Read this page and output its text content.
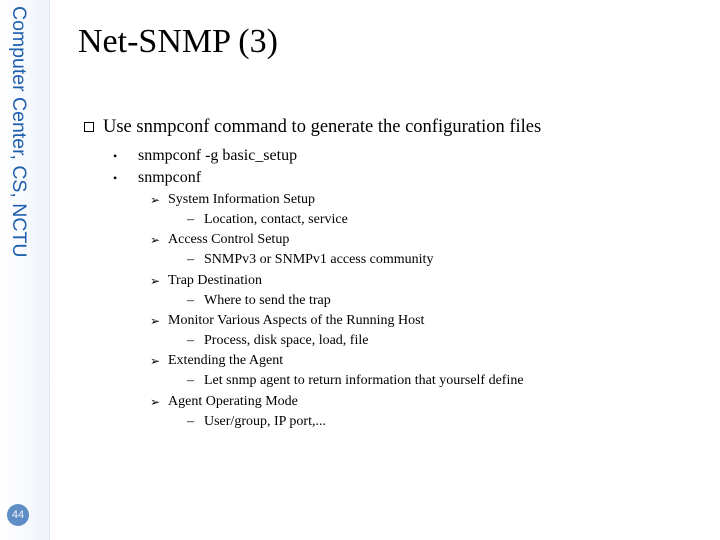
Computer Center, CS, NCTU
44
Net-SNMP (3)
Use snmpconf command to generate the configuration files
•	snmpconf -g basic_setup
•	snmpconf
➢ System Information Setup
– Location, contact, service
➢ Access Control Setup
– SNMPv3 or SNMPv1 access community
➢ Trap Destination
– Where to send the trap
➢ Monitor Various Aspects of the Running Host
– Process, disk space, load, file
➢ Extending the Agent
– Let snmp agent to return information that yourself define
➢ Agent Operating Mode
– User/group, IP port,...
